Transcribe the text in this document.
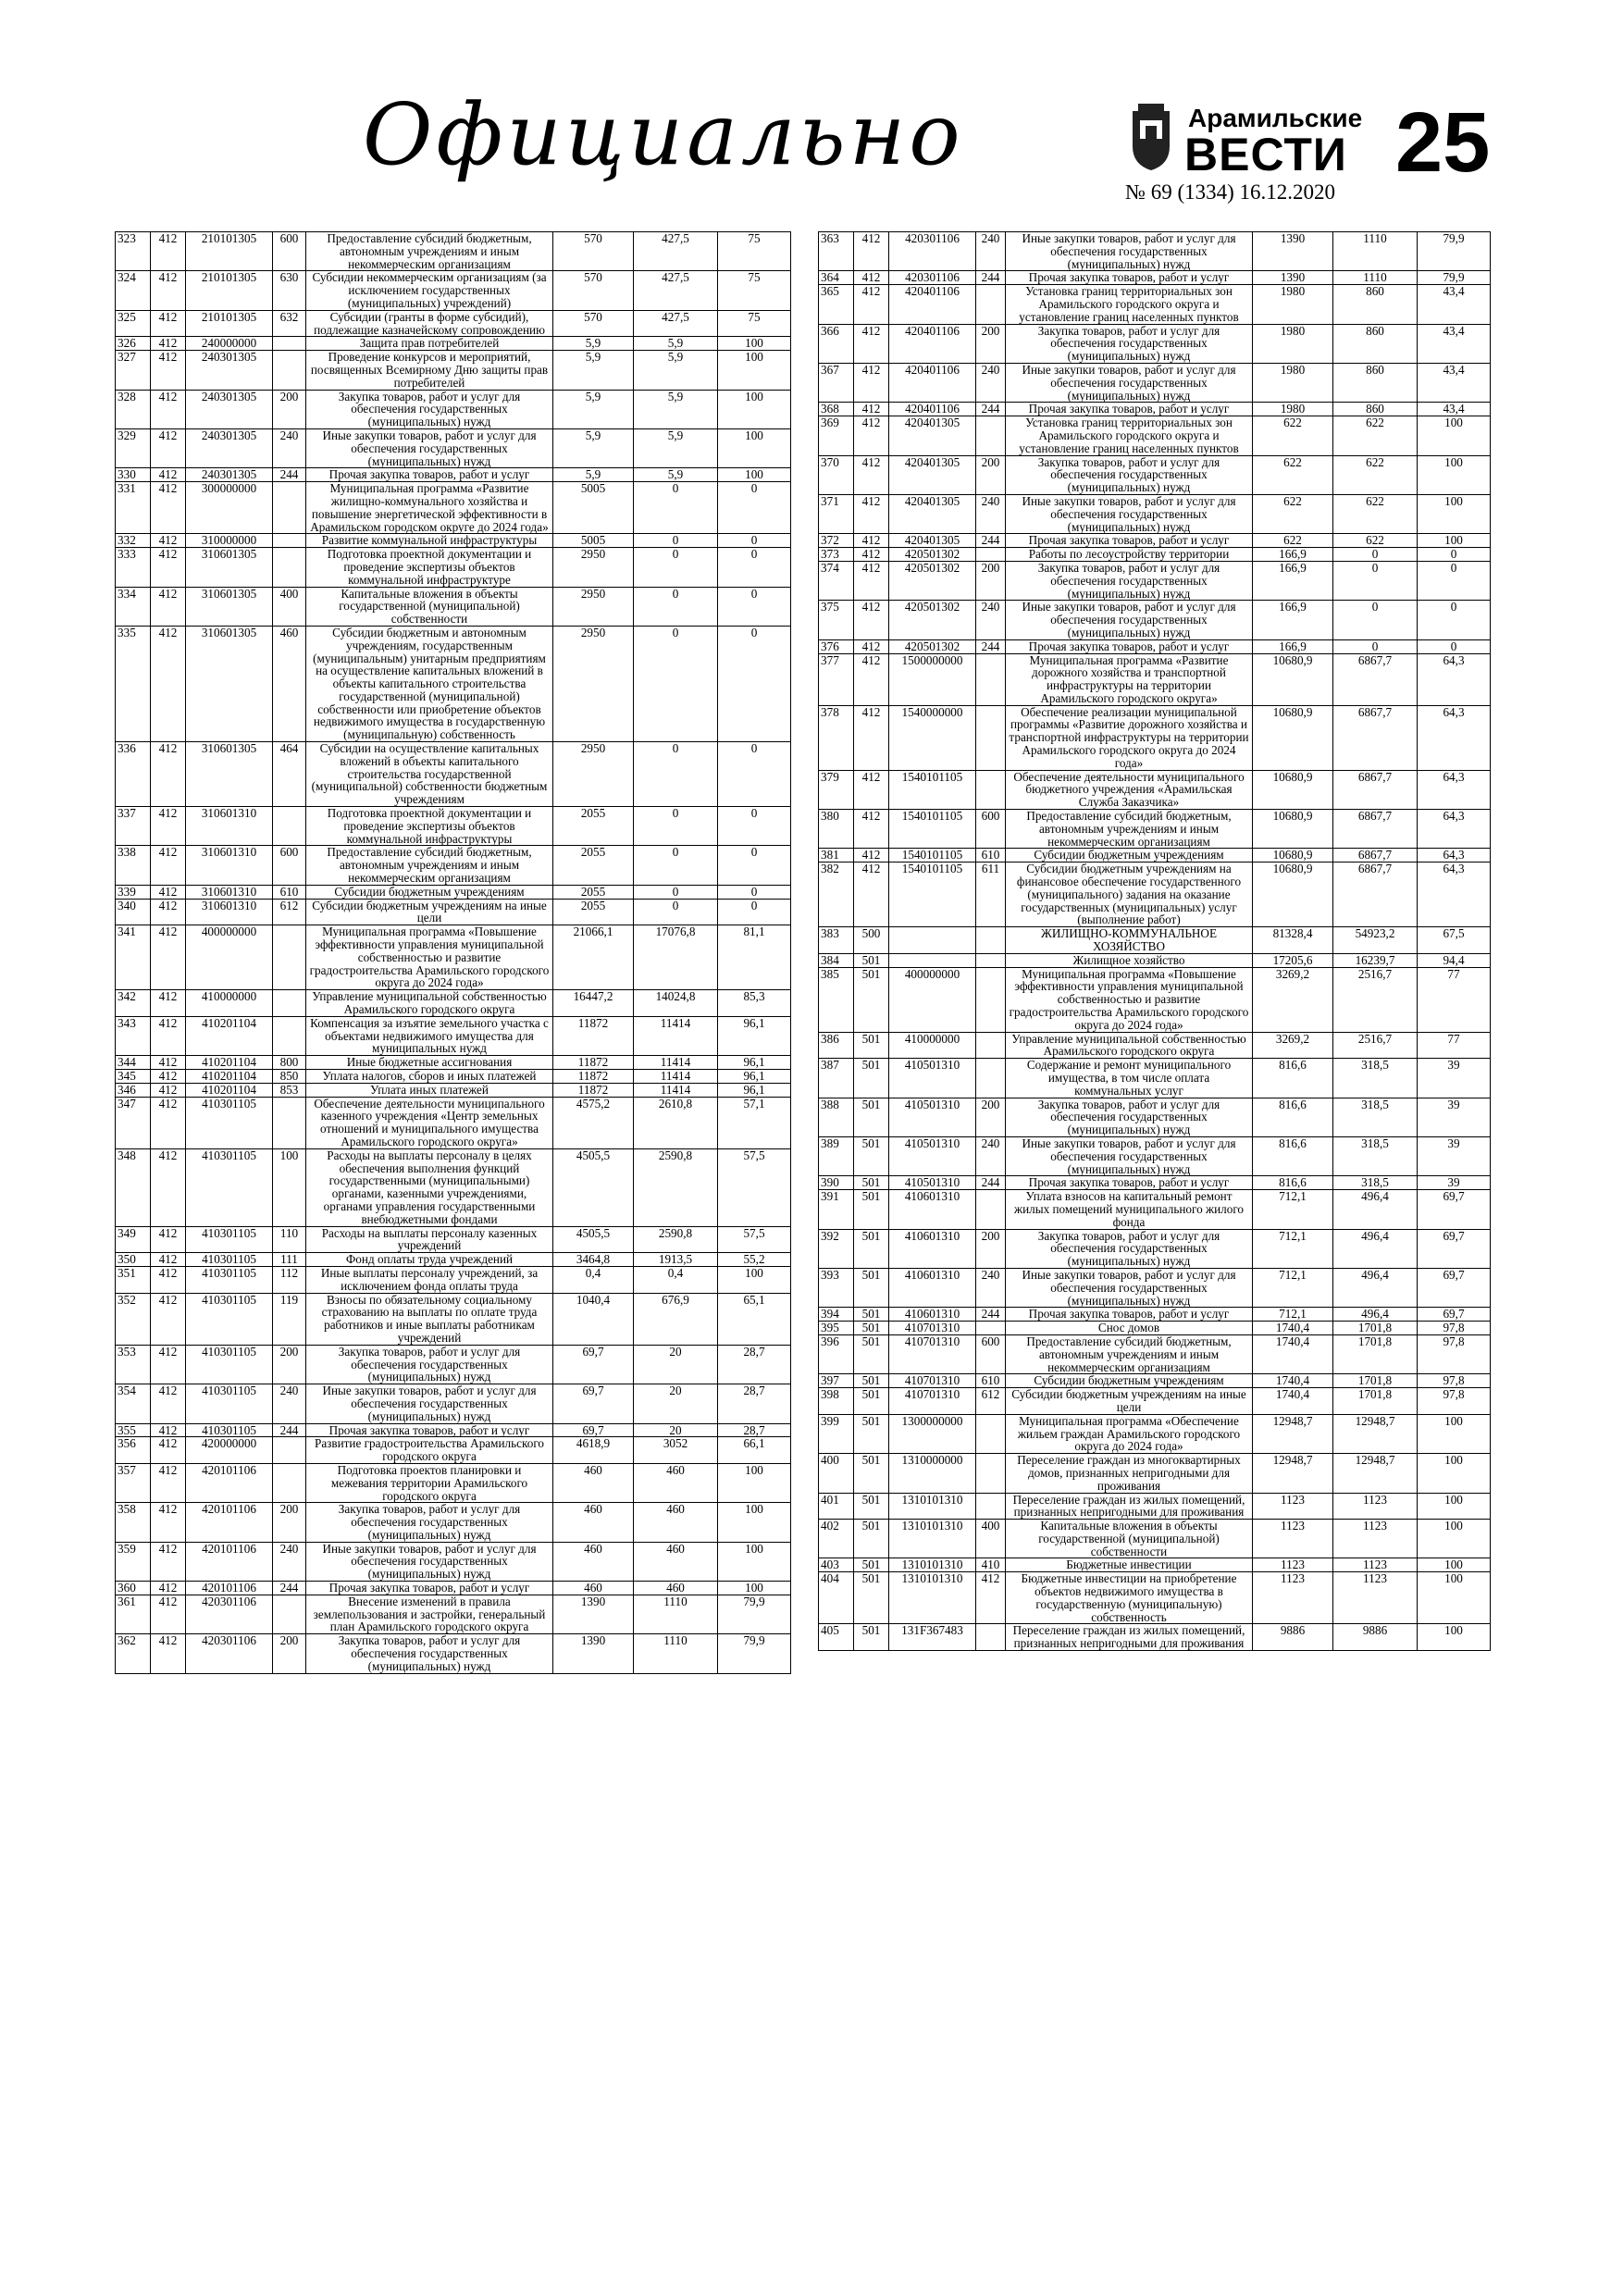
Официально	Арамильские
ВЕСТИ
№ 69 (1334) 16.12.2020
25
323	412	210101305	600	Предоставление субсидий бюджетным, автономным учреждениям и иным некоммерческим организациям	570	427,5	75
324	412	210101305	630	Субсидии некоммерческим организациям (за исключением государственных (муниципальных) учреждений)	570	427,5	75
325	412	210101305	632	Субсидии (гранты в форме субсидий), подлежащие казначейскому сопровождению	570	427,5	75
326	412	240000000		Защита прав потребителей	5,9	5,9	100
327	412	240301305		Проведение конкурсов и мероприятий, посвященных Всемирному Дню защиты прав потребителей	5,9	5,9	100
328	412	240301305	200	Закупка товаров, работ и услуг для обеспечения государственных (муниципальных) нужд	5,9	5,9	100
329	412	240301305	240	Иные закупки товаров, работ и услуг для обеспечения государственных (муниципальных) нужд	5,9	5,9	100
330	412	240301305	244	Прочая закупка товаров, работ и услуг	5,9	5,9	100
331	412	300000000		Муниципальная программа «Развитие жилищно-коммунального хозяйства и повышение энергетической эффективности в Арамильском городском округе до 2024 года»	5005	0	0
332	412	310000000		Развитие коммунальной инфраструктуры	5005	0	0
333	412	310601305		Подготовка проектной документации и проведение экспертизы объектов коммунальной инфраструктуре	2950	0	0
334	412	310601305	400	Капитальные вложения в объекты государственной (муниципальной) собственности	2950	0	0
335	412	310601305	460	Субсидии бюджетным и автономным учреждениям, государственным (муниципальным) унитарным предприятиям на осуществление капитальных вложений в объекты капитального строительства государственной (муниципальной) собственности или приобретение объектов недвижимого имущества в государственную (муниципальную) собственность	2950	0	0
336	412	310601305	464	Субсидии на осуществление капитальных вложений в объекты капитального строительства государственной (муниципальной) собственности бюджетным учреждениям	2950	0	0
337	412	310601310		Подготовка проектной документации и проведение экспертизы объектов коммунальной инфраструктуры	2055	0	0
338	412	310601310	600	Предоставление субсидий бюджетным, автономным учреждениям и иным некоммерческим организациям	2055	0	0
339	412	310601310	610	Субсидии бюджетным учреждениям	2055	0	0
340	412	310601310	612	Субсидии бюджетным учреждениям на иные цели	2055	0	0
341	412	400000000		Муниципальная программа «Повышение эффективности управления муниципальной собственностью и развитие градостроительства Арамильского городского округа до 2024 года»	21066,1	17076,8	81,1
342	412	410000000		Управление муниципальной собственностью Арамильского городского округа	16447,2	14024,8	85,3
343	412	410201104		Компенсация за изъятие земельного участка с объектами недвижимого имущества для муниципальных нужд	11872	11414	96,1
344	412	410201104	800	Иные бюджетные ассигнования	11872	11414	96,1
345	412	410201104	850	Уплата налогов, сборов и иных платежей	11872	11414	96,1
346	412	410201104	853	Уплата иных платежей	11872	11414	96,1
347	412	410301105		Обеспечение деятельности муниципального казенного учреждения «Центр земельных отношений и муниципального имущества Арамильского городского округа»	4575,2	2610,8	57,1
348	412	410301105	100	Расходы на выплаты персоналу в целях обеспечения выполнения функций государственными (муниципальными) органами, казенными учреждениями, органами управления государственными внебюджетными фондами	4505,5	2590,8	57,5
349	412	410301105	110	Расходы на выплаты персоналу казенных учреждений	4505,5	2590,8	57,5
350	412	410301105	111	Фонд оплаты труда учреждений	3464,8	1913,5	55,2
351	412	410301105	112	Иные выплаты персоналу учреждений, за исключением фонда оплаты труда	0,4	0,4	100
352	412	410301105	119	Взносы по обязательному социальному страхованию на выплаты по оплате труда работников и иные выплаты работникам учреждений	1040,4	676,9	65,1
353	412	410301105	200	Закупка товаров, работ и услуг для обеспечения государственных (муниципальных) нужд	69,7	20	28,7
354	412	410301105	240	Иные закупки товаров, работ и услуг для обеспечения государственных (муниципальных) нужд	69,7	20	28,7
355	412	410301105	244	Прочая закупка товаров, работ и услуг	69,7	20	28,7
356	412	420000000		Развитие градостроительства Арамильского городского округа	4618,9	3052	66,1
357	412	420101106		Подготовка проектов планировки и межевания территории Арамильского городского округа	460	460	100
358	412	420101106	200	Закупка товаров, работ и услуг для обеспечения государственных (муниципальных) нужд	460	460	100
359	412	420101106	240	Иные закупки товаров, работ и услуг для обеспечения государственных (муниципальных) нужд	460	460	100
360	412	420101106	244	Прочая закупка товаров, работ и услуг	460	460	100
361	412	420301106		Внесение изменений в правила землепользования и застройки, генеральный план Арамильского городского округа	1390	1110	79,9
362	412	420301106	200	Закупка товаров, работ и услуг для обеспечения государственных (муниципальных) нужд	1390	1110	79,9
363	412	420301106	240	Иные закупки товаров, работ и услуг для обеспечения государственных (муниципальных) нужд	1390	1110	79,9
364	412	420301106	244	Прочая закупка товаров, работ и услуг	1390	1110	79,9
365	412	420401106		Установка границ территориальных зон Арамильского городского округа и установление границ населенных пунктов	1980	860	43,4
366	412	420401106	200	Закупка товаров, работ и услуг для обеспечения государственных (муниципальных) нужд	1980	860	43,4
367	412	420401106	240	Иные закупки товаров, работ и услуг для обеспечения государственных (муниципальных) нужд	1980	860	43,4
368	412	420401106	244	Прочая закупка товаров, работ и услуг	1980	860	43,4
369	412	420401305		Установка границ территориальных зон Арамильского городского округа и установление границ населенных пунктов	622	622	100
370	412	420401305	200	Закупка товаров, работ и услуг для обеспечения государственных (муниципальных) нужд	622	622	100
371	412	420401305	240	Иные закупки товаров, работ и услуг для обеспечения государственных (муниципальных) нужд	622	622	100
372	412	420401305	244	Прочая закупка товаров, работ и услуг	622	622	100
373	412	420501302		Работы по лесоустройству территории	166,9	0	0
374	412	420501302	200	Закупка товаров, работ и услуг для обеспечения государственных (муниципальных) нужд	166,9	0	0
375	412	420501302	240	Иные закупки товаров, работ и услуг для обеспечения государственных (муниципальных) нужд	166,9	0	0
376	412	420501302	244	Прочая закупка товаров, работ и услуг	166,9	0	0
377	412	1500000000		Муниципальная программа «Развитие дорожного хозяйства и транспортной инфраструктуры на территории Арамильского городского округа»	10680,9	6867,7	64,3
378	412	1540000000		Обеспечение реализации муниципальной программы «Развитие дорожного хозяйства и транспортной инфраструктуры на территории Арамильского городского округа до 2024 года»	10680,9	6867,7	64,3
379	412	1540101105		Обеспечение деятельности муниципального бюджетного учреждения «Арамильская Служба Заказчика»	10680,9	6867,7	64,3
380	412	1540101105	600	Предоставление субсидий бюджетным, автономным учреждениям и иным некоммерческим организациям	10680,9	6867,7	64,3
381	412	1540101105	610	Субсидии бюджетным учреждениям	10680,9	6867,7	64,3
382	412	1540101105	611	Субсидии бюджетным учреждениям на финансовое обеспечение государственного (муниципального) задания на оказание государственных (муниципальных) услуг (выполнение работ)	10680,9	6867,7	64,3
383	500			ЖИЛИЩНО-КОММУНАЛЬНОЕ ХОЗЯЙСТВО	81328,4	54923,2	67,5
384	501			Жилищное хозяйство	17205,6	16239,7	94,4
385	501	400000000		Муниципальная программа «Повышение эффективности управления муниципальной собственностью и развитие градостроительства Арамильского городского округа до 2024 года»	3269,2	2516,7	77
386	501	410000000		Управление муниципальной собственностью Арамильского городского округа	3269,2	2516,7	77
387	501	410501310		Содержание и ремонт муниципального имущества, в том числе оплата коммунальных услуг	816,6	318,5	39
388	501	410501310	200	Закупка товаров, работ и услуг для обеспечения государственных (муниципальных) нужд	816,6	318,5	39
389	501	410501310	240	Иные закупки товаров, работ и услуг для обеспечения государственных (муниципальных) нужд	816,6	318,5	39
390	501	410501310	244	Прочая закупка товаров, работ и услуг	816,6	318,5	39
391	501	410601310		Уплата взносов на капитальный ремонт жилых помещений муниципального жилого фонда	712,1	496,4	69,7
392	501	410601310	200	Закупка товаров, работ и услуг для обеспечения государственных (муниципальных) нужд	712,1	496,4	69,7
393	501	410601310	240	Иные закупки товаров, работ и услуг для обеспечения государственных (муниципальных) нужд	712,1	496,4	69,7
394	501	410601310	244	Прочая закупка товаров, работ и услуг	712,1	496,4	69,7
395	501	410701310		Снос домов	1740,4	1701,8	97,8
396	501	410701310	600	Предоставление субсидий бюджетным, автономным учреждениям и иным некоммерческим организациям	1740,4	1701,8	97,8
397	501	410701310	610	Субсидии бюджетным учреждениям	1740,4	1701,8	97,8
398	501	410701310	612	Субсидии бюджетным учреждениям на иные цели	1740,4	1701,8	97,8
399	501	1300000000		Муниципальная программа «Обеспечение жильем граждан Арамильского городского округа до 2024 года»	12948,7	12948,7	100
400	501	1310000000		Переселение граждан из многоквартирных домов, признанных непригодными для проживания	12948,7	12948,7	100
401	501	1310101310		Переселение граждан из жилых помещений, признанных непригодными для проживания	1123	1123	100
402	501	1310101310	400	Капитальные вложения в объекты государственной (муниципальной) собственности	1123	1123	100
403	501	1310101310	410	Бюджетные инвестиции	1123	1123	100
404	501	1310101310	412	Бюджетные инвестиции на приобретение объектов недвижимого имущества в государственную (муниципальную) собственность	1123	1123	100
405	501	131F367483		Переселение граждан из жилых помещений, признанных непригодными для проживания	9886	9886	100
